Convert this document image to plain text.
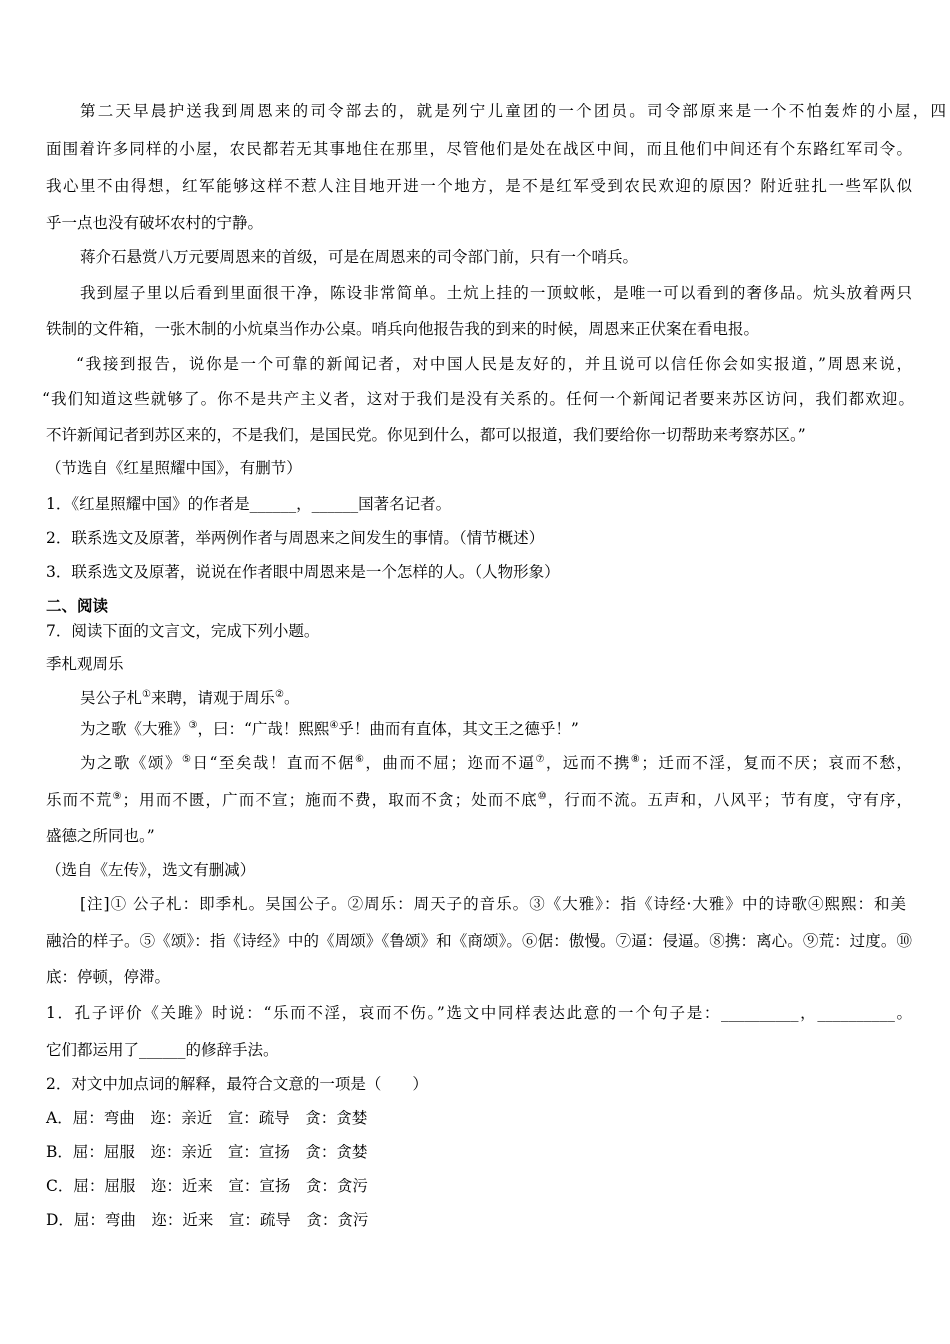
第二天早晨护送我到周恩来的司令部去的，就是列宁儿童团的一个团员。司令部原来是一个不怕轰炸的小屋，四
面围着许多同样的小屋，农民都若无其事地住在那里，尽管他们是处在战区中间，而且他们中间还有个东路红军司令。
我心里不由得想，红军能够这样不惹人注目地开进一个地方，是不是红军受到农民欢迎的原因？附近驻扎一些军队似
乎一点也没有破坏农村的宁静。
蒋介石悬赏八万元要周恩来的首级，可是在周恩来的司令部门前，只有一个哨兵。
我到屋子里以后看到里面很干净，陈设非常简单。土炕上挂的一顶蚊帐，是唯一可以看到的奢侈品。炕头放着两只
铁制的文件箱，一张木制的小炕桌当作办公桌。哨兵向他报告我的到来的时候，周恩来正伏案在看电报。
“我接到报告，说你是一个可靠的新闻记者，对中国人民是友好的，并且说可以信任你会如实报道，”周恩来说，
“我们知道这些就够了。你不是共产主义者，这对于我们是没有关系的。任何一个新闻记者要来苏区访问，我们都欢迎。
不许新闻记者到苏区来的，不是我们，是国民党。你见到什么，都可以报道，我们要给你一切帮助来考察苏区。”
（节选自《红星照耀中国》，有删节）
1．《红星照耀中国》的作者是______，______国著名记者。
2．联系选文及原著，举两例作者与周恩来之间发生的事情。（情节概述）
3．联系选文及原著，说说在作者眼中周恩来是一个怎样的人。（人物形象）
二、阅读
7．阅读下面的文言文，完成下列小题。
季札观周乐
吴公子札①来聘，请观于周乐②。
为之歌《大雅》③，曰：“广哉！熙熙④乎！曲而有直体，其文王之德乎！”
为之歌《颂》⑤日“至矣哉！直而不倨⑥，曲而不屈；迩而不逼⑦，远而不携⑧；迁而不淫，复而不厌；哀而不愁，
乐而不荒⑨；用而不匮，广而不宣；施而不费，取而不贪；处而不底⑩，行而不流。五声和，八风平；节有度，守有序，
盛德之所同也。”
（选自《左传》，选文有删减）
[注]① 公子札：即季札。吴国公子。②周乐：周天子的音乐。③《大雅》：指《诗经·大雅》中的诗歌④熙熙：和美
融洽的样子。⑤《颂》：指《诗经》中的《周颂》《鲁颂》和《商颂》。⑥倨：傲慢。⑦逼：侵逼。⑧携：离心。⑨荒：过度。⑩
底：停顿，停滞。
1．孔子评价《关雎》时说：“乐而不淫，哀而不伤。”选文中同样表达此意的一个句子是：__________，__________。
它们都运用了______的修辞手法。
2．对文中加点词的解释，最符合文意的一项是（　　）
A．屈：弯曲　迩：亲近　宣：疏导　贪：贪婪
B．屈：屈服　迩：亲近　宣：宣扬　贪：贪婪
C．屈：屈服　迩：近来　宣：宣扬　贪：贪污
D．屈：弯曲　迩：近来　宣：疏导　贪：贪污
